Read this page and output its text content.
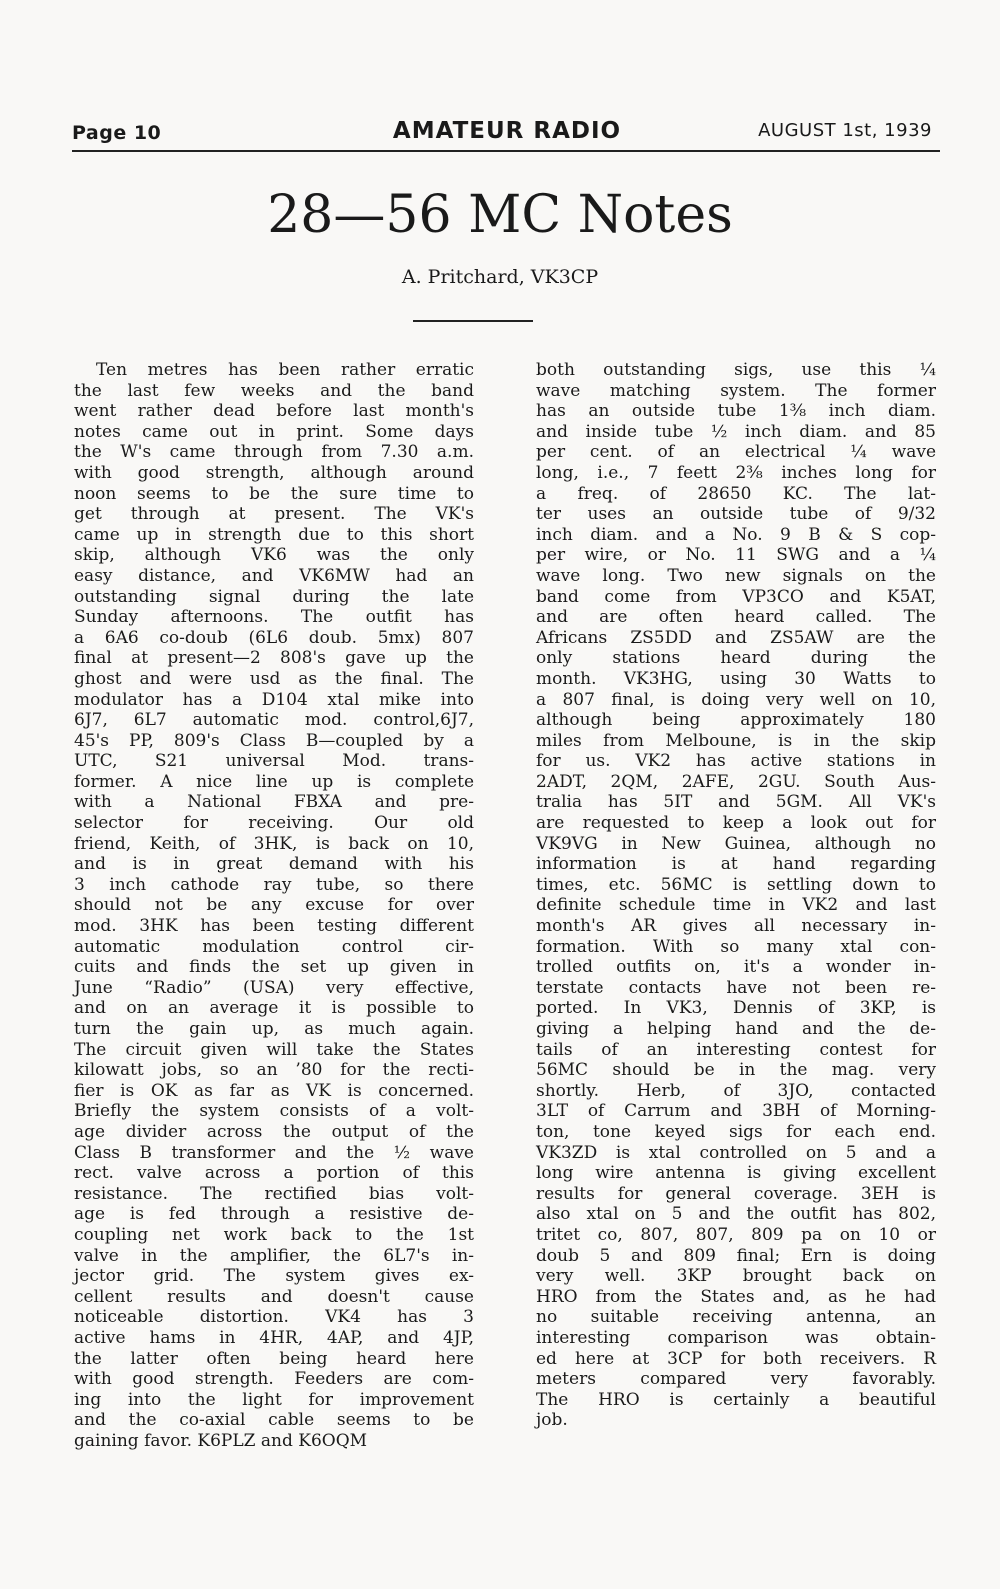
Page 10	AMATEUR RADIO	AUGUST 1st, 1939
28—56 MC Notes
A. Pritchard, VK3CP
Ten metres has been rather erratic
the last few weeks and the band
went rather dead before last month's
notes came out in print. Some days
the W's came through from 7.30 a.m.
with good strength, although around
noon seems to be the sure time to
get through at present. The VK's
came up in strength due to this short
skip, although VK6 was the only
easy distance, and VK6MW had an
outstanding signal during the late
Sunday afternoons. The outfit has
a 6A6 co-doub (6L6 doub. 5mx) 807
final at present—2 808's gave up the
ghost and were usd as the final. The
modulator has a D104 xtal mike into
6J7, 6L7 automatic mod. control,6J7,
45's PP, 809's Class B—coupled by a
UTC, S21 universal Mod. trans-
former. A nice line up is complete
with a National FBXA and pre-
selector for receiving. Our old
friend, Keith, of 3HK, is back on 10,
and is in great demand with his
3 inch cathode ray tube, so there
should not be any excuse for over
mod. 3HK has been testing different
automatic modulation control cir-
cuits and finds the set up given in
June “Radio” (USA) very effective,
and on an average it is possible to
turn the gain up, as much again.
The circuit given will take the States
kilowatt jobs, so an ’80 for the recti-
fier is OK as far as VK is concerned.
Briefly the system consists of a volt-
age divider across the output of the
Class B transformer and the ½ wave
rect. valve across a portion of this
resistance. The rectified bias volt-
age is fed through a resistive de-
coupling net work back to the 1st
valve in the amplifier, the 6L7's in-
jector grid. The system gives ex-
cellent results and doesn't cause
noticeable distortion. VK4 has 3
active hams in 4HR, 4AP, and 4JP,
the latter often being heard here
with good strength. Feeders are com-
ing into the light for improvement
and the co-axial cable seems to be
gaining favor. K6PLZ and K6OQM
both outstanding sigs, use this ¼
wave matching system. The former
has an outside tube 1⅜ inch diam.
and inside tube ½ inch diam. and 85
per cent. of an electrical ¼ wave
long, i.e., 7 feett 2⅜ inches long for
a freq. of 28650 KC. The lat-
ter uses an outside tube of 9/32
inch diam. and a No. 9 B & S cop-
per wire, or No. 11 SWG and a ¼
wave long. Two new signals on the
band come from VP3CO and K5AT,
and are often heard called. The
Africans ZS5DD and ZS5AW are the
only stations heard during the
month. VK3HG, using 30 Watts to
a 807 final, is doing very well on 10,
although being approximately 180
miles from Melboune, is in the skip
for us. VK2 has active stations in
2ADT, 2QM, 2AFE, 2GU. South Aus-
tralia has 5IT and 5GM. All VK's
are requested to keep a look out for
VK9VG in New Guinea, although no
information is at hand regarding
times, etc. 56MC is settling down to
definite schedule time in VK2 and last
month's AR gives all necessary in-
formation. With so many xtal con-
trolled outfits on, it's a wonder in-
terstate contacts have not been re-
ported. In VK3, Dennis of 3KP, is
giving a helping hand and the de-
tails of an interesting contest for
56MC should be in the mag. very
shortly. Herb, of 3JO, contacted
3LT of Carrum and 3BH of Morning-
ton, tone keyed sigs for each end.
VK3ZD is xtal controlled on 5 and a
long wire antenna is giving excellent
results for general coverage. 3EH is
also xtal on 5 and the outfit has 802,
tritet co, 807, 807, 809 pa on 10 or
doub 5 and 809 final; Ern is doing
very well. 3KP brought back on
HRO from the States and, as he had
no suitable receiving antenna, an
interesting comparison was obtain-
ed here at 3CP for both receivers. R
meters compared very favorably.
The HRO is certainly a beautiful
job.
